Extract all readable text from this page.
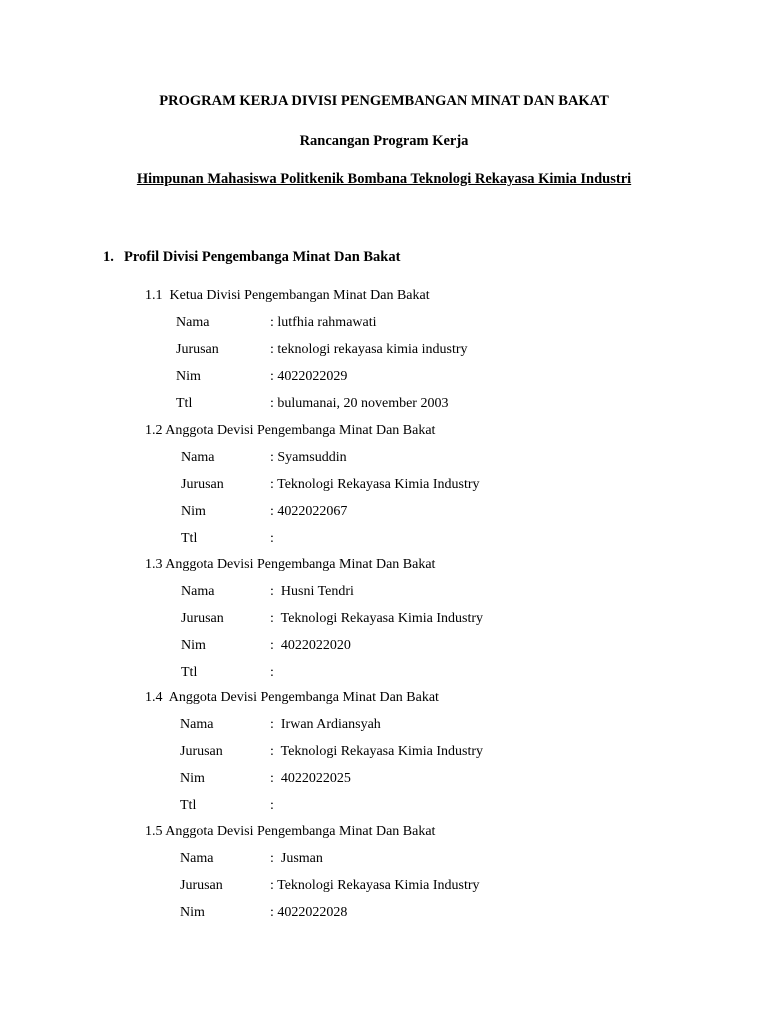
PROGRAM KERJA DIVISI PENGEMBANGAN MINAT DAN BAKAT
Rancangan Program Kerja
Himpunan Mahasiswa Politkenik Bombana Teknologi Rekayasa Kimia Industri
1. Profil Divisi Pengembanga Minat Dan Bakat
1.1  Ketua Divisi Pengembangan Minat Dan Bakat
Nama	: lutfhia rahmawati
Jurusan	: teknologi rekayasa kimia industry
Nim	: 4022022029
Ttl	: bulumanai, 20 november 2003
1.2 Anggota Devisi Pengembanga Minat Dan Bakat
Nama	: Syamsuddin
Jurusan	: Teknologi Rekayasa Kimia Industry
Nim	: 4022022067
Ttl	:
1.3 Anggota Devisi Pengembanga Minat Dan Bakat
Nama	:  Husni Tendri
Jurusan	:  Teknologi Rekayasa Kimia Industry
Nim	:  4022022020
Ttl	:
1.4  Anggota Devisi Pengembanga Minat Dan Bakat
Nama	:  Irwan Ardiansyah
Jurusan	:  Teknologi Rekayasa Kimia Industry
Nim	:  4022022025
Ttl	:
1.5 Anggota Devisi Pengembanga Minat Dan Bakat
Nama	:  Jusman
Jurusan	: Teknologi Rekayasa Kimia Industry
Nim	: 4022022028
